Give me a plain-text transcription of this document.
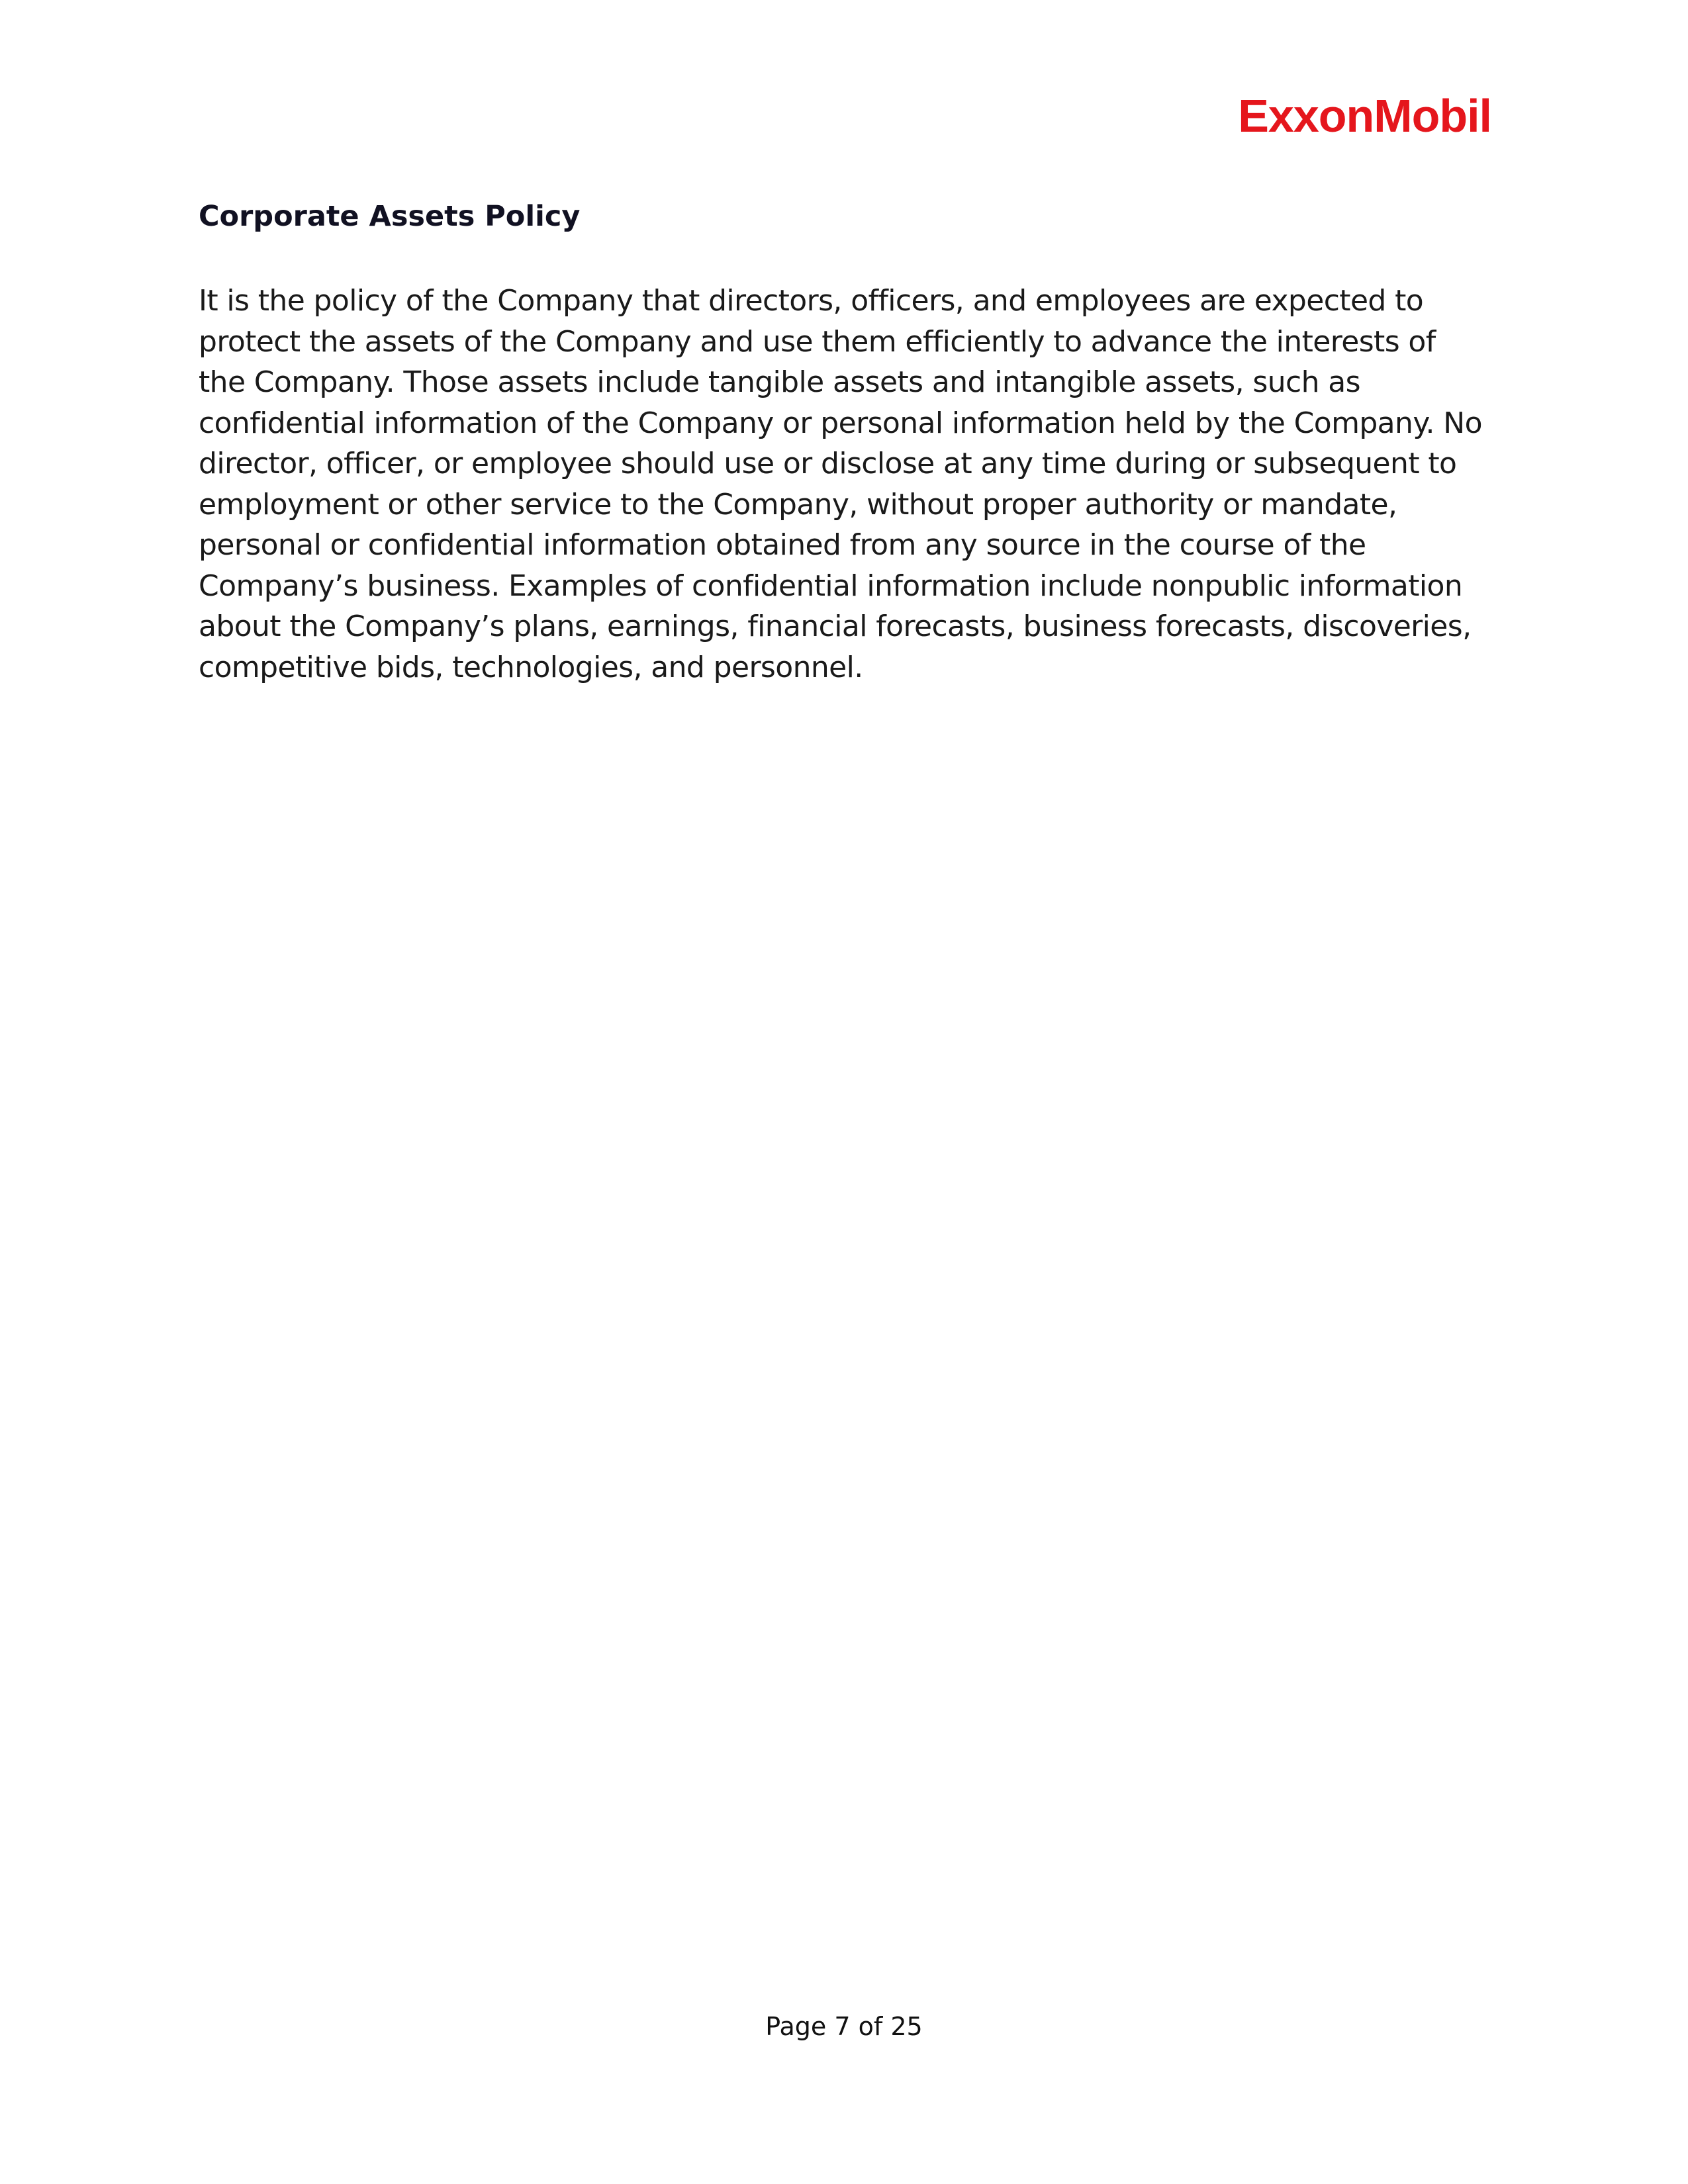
ExxonMobil
Corporate Assets Policy

It is the policy of the Company that directors, officers, and employees are expected to protect the assets of the Company and use them efficiently to advance the interests of the Company. Those assets include tangible assets and intangible assets, such as confidential information of the Company or personal information held by the Company. No director, officer, or employee should use or disclose at any time during or subsequent to employment or other service to the Company, without proper authority or mandate, personal or confidential information obtained from any source in the course of the Company’s business. Examples of confidential information include nonpublic information about the Company’s plans, earnings, financial forecasts, business forecasts, discoveries, competitive bids, technologies, and personnel.

Page 7 of 25
